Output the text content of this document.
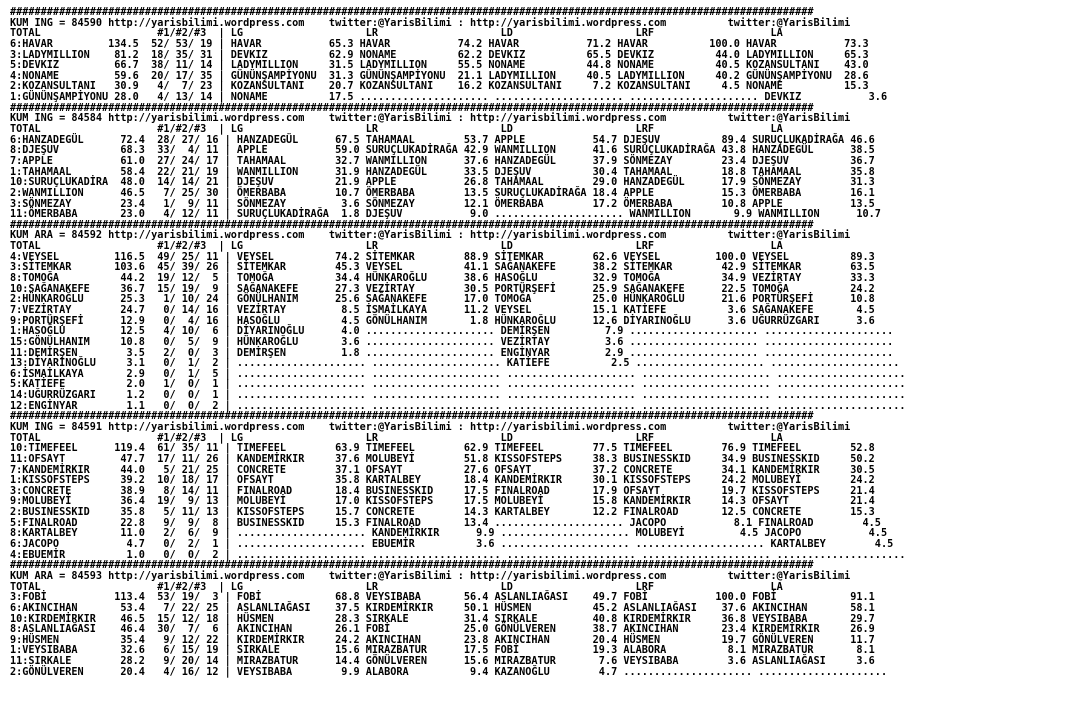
###################################################################################################################################
KUM ING = 84590 http://yarisbilimi.wordpress.com    twitter:@YarisBilimi : http://yarisbilimi.wordpress.com          twitter:@YarisBilimi
TOTAL                   #1/#2/#3  | LG                    LR                    LD                    LRF                   LA
6:HAVAR         134.5  52/ 53/ 19 | HAVAR           65.3 HAVAR           74.2 HAVAR           71.2 HAVAR          100.0 HAVAR           73.3
3:LADYMILLION    81.2  18/ 35/ 31 | DEVKIZ          62.9 NONAME          62.2 DEVKIZ          65.5 DEVKIZ          44.0 LADYMILLION     65.3
5:DEVKIZ         66.7  38/ 11/ 14 | LADYMILLION     31.5 LADYMILLION     55.5 NONAME          44.8 NONAME          40.5 KOZANSULTANI    43.0
4:NONAME         59.6  20/ 17/ 35 | GÜNÜNŞAMPİYONU  31.3 GÜNÜNŞAMPİYONU  21.1 LADYMILLION     40.5 LADYMILLION     40.2 GÜNÜNŞAMPİYONU  28.6
2:KOZANSULTANI   30.9   4/  7/ 23 | KOZANSULTANI    20.7 KOZANSULTANI    16.2 KOZANSULTANI     7.2 KOZANSULTANI     4.5 NONAME          15.3
1:GÜNÜNŞAMPİYONU 28.0   4/ 13/ 14 | NONAME          17.5 ..................... ..................... ..................... DEVKIZ           3.6
###################################################################################################################################
KUM ING = 84584 http://yarisbilimi.wordpress.com    twitter:@YarisBilimi : http://yarisbilimi.wordpress.com          twitter:@YarisBilimi
TOTAL                   #1/#2/#3  | LG                    LR                    LD                    LRF                   LA
6:HANZADEGÜL      72.4  28/ 27/ 16 | HANZADEGÜL      67.5 TAHAMAAL        53.7 APPLE           54.7 DJEŞUV          89.4 SURUÇLUKADİRAĞA 46.6
8:DJEŞUV          68.3  33/  4/ 11 | APPLE           59.0 SURUÇLUKADİRAĞA 42.9 WANMILLION      41.6 SURUÇLUKADİRAĞA 43.8 HANZADEGÜL      38.5
7:APPLE           61.0  27/ 24/ 17 | TAHAMAAL        32.7 WANMILLION      37.6 HANZADEGÜL      37.9 SÖNMEZAY        23.4 DJEŞUV          36.7
1:TAHAMAAL        58.4  22/ 21/ 19 | WANMILLION      31.9 HANZADEGÜL      33.5 DJEŞUV          30.4 TAHAMAAL        18.8 TAHAMAAL        35.8
10:SURUÇLUKADİRA  48.0  14/ 14/ 21 | DJEŞUV          21.9 APPLE           26.8 TAHAMAAL        29.0 HANZADEGÜL      17.9 SÖNMEZAY        31.3
2:WANMILLION      46.5   7/ 25/ 30 | ÖMERBABA        10.7 ÖMERBABA        13.5 SURUÇLUKADİRAĞA 18.4 APPLE           15.3 ÖMERBABA        16.1
3:SÖNMEZAY        23.4   1/  9/ 11 | SÖNMEZAY         3.6 SÖNMEZAY        12.1 ÖMERBABA        17.2 ÖMERBABA        10.8 APPLE           13.5
11:ÖMERBABA       23.0   4/ 12/ 11 | SURUÇLUKADİRAĞA  1.8 DJEŞUV           9.0 ..................... WANMILLION       9.9 WANMILLION      10.7
###################################################################################################################################
KUM ARA = 84592 http://yarisbilimi.wordpress.com    twitter:@YarisBilimi : http://yarisbilimi.wordpress.com          twitter:@YarisBilimi
TOTAL                   #1/#2/#3  | LG                    LR                    LD                    LRF                   LA
4:VEYSEL         116.5  49/ 25/ 11 | VEYSEL          74.2 SİTEMKAR        88.9 SİTEMKAR        62.6 VEYSEL         100.0 VEYSEL          89.3
3:SİTEMKAR       103.6  45/ 39/ 26 | SİTEMKAR        45.3 VEYSEL          41.1 SAĞANAKEFE      38.2 SİTEMKAR        42.9 SİTEMKAR        63.5
8:TOMOĞA          44.2  19/ 12/  5 | TOMOĞA          34.4 HÜNKAROĞLU      38.6 HASOĞLU         32.9 TOMOĞA          34.9 VEZİRTAY        33.3
10:SAĞANAKEFE     36.7  15/ 19/  9 | SAĞANAKEFE      27.3 VEZİRTAY        30.5 PORTÜRŞEFİ      25.9 SAĞANAKEFE      22.5 TOMOĞA          24.2
2:HÜNKAROĞLU      25.3   1/ 10/ 24 | GÖNÜLHANIM      25.6 SAĞANAKEFE      17.0 TOMOĞA          25.0 HÜNKAROĞLU      21.6 PORTÜRŞEFİ      10.8
7:VEZİRTAY        24.7   0/ 14/ 16 | VEZİRTAY         8.5 İSMAİLKAYA      11.2 VEYSEL          15.1 KATİEFE          3.6 SAĞANAKEFE       4.5
9:PORTÜRŞEFİ      12.9   0/  4/ 16 | HASOĞLU          4.5 GÖNÜLHANIM       1.8 HÜNKAROĞLU      12.6 DİYARINOĞLU      3.6 UĞURRÜZGARI      3.6
1:HASOĞLU         12.5   4/ 10/  6 | DİYARINOĞLU      4.0 ..................... DEMİRŞEN         7.9 ..................... .....................
15:GÖNÜLHANIM     10.8   0/  5/  9 | HÜNKAROĞLU       3.6 ..................... VEZİRTAY         3.6 ..................... .....................
11:DEMİRŞEN        3.5   2/  0/  3 | DEMİRŞEN         1.8 ..................... ENGİNYAR         2.9 ..................... .....................
13:DİYARINOĞLU     3.1   0/  1/  2 | ..................... ..................... KATİEFE          2.5 ..................... .....................
6:İSMAİLKAYA       2.9   0/  1/  5 | ..................... ..................... ..................... ..................... .....................
5:KATİEFE          2.0   1/  0/  1 | ..................... ..................... ..................... ..................... .....................
14:UĞURRÜZGARI     1.2   0/  0/  1 | ..................... ..................... ..................... ..................... .....................
12:ENGİNYAR        1.1   0/  0/  2 | ..................... ..................... ..................... ..................... .....................
###################################################################################################################################
KUM ING = 84591 http://yarisbilimi.wordpress.com    twitter:@YarisBilimi : http://yarisbilimi.wordpress.com          twitter:@YarisBilimi
TOTAL                   #1/#2/#3  | LG                    LR                    LD                    LRF                   LA
10:TIMEFEEL      119.4  61/ 35/ 11 | TIMEFEEL        63.9 TIMEFEEL        62.9 TIMEFEEL        77.5 TIMEFEEL        76.9 TIMEFEEL        52.8
11:OFSAYT         47.7  17/ 11/ 26 | KANDEMİRKIR     37.6 MOLUBEYİ        51.8 KISSOFSTEPS     38.3 BUSINESSKID     34.9 BUSINESSKID     50.2
7:KANDEMİRKIR     44.0   5/ 21/ 25 | CONCRETE        37.1 OFSAYT          27.6 OFSAYT          37.2 CONCRETE        34.1 KANDEMİRKIR     30.5
1:KISSOFSTEPS     39.2  10/ 18/ 17 | OFSAYT          35.8 KARTALBEY       18.4 KANDEMİRKIR     30.1 KISSOFSTEPS     24.2 MOLUBEYİ        24.2
3:CONCRETE        38.9   8/ 14/ 11 | FINALROAD       18.4 BUSINESSKID     17.5 FINALROAD       17.9 OFSAYT          19.7 KISSOFSTEPS     21.4
9:MOLUBEYİ        36.4  19/  9/ 13 | MOLUBEYİ        17.0 KISSOFSTEPS     17.5 MOLUBEYİ        15.8 KANDEMİRKIR     14.3 OFSAYT          21.4
2:BUSINESSKID     35.8   5/ 11/ 13 | KISSOFSTEPS     15.7 CONCRETE        14.3 KARTALBEY       12.2 FINALROAD       12.5 CONCRETE        15.3
5:FINALROAD       22.8   9/  9/  8 | BUSINESSKID     15.3 FINALROAD       13.4 ..................... JACOPO           8.1 FINALROAD        4.5
8:KARTALBEY       11.0   2/  6/  9 | ..................... KANDEMİRKIR      9.9 ..................... MOLUBEYİ         4.5 JACOPO           4.5
6:JACOPO           4.7   0/  2/  1 | ..................... EBUEMİR          3.6 ..................... ..................... KARTALBEY        4.5
4:EBUEMİR          1.0   0/  0/  2 | ..................... ..................... ..................... ..................... .....................
###################################################################################################################################
KUM ARA = 84593 http://yarisbilimi.wordpress.com    twitter:@YarisBilimi : http://yarisbilimi.wordpress.com          twitter:@YarisBilimi
TOTAL                   #1/#2/#3  | LG                    LR                    LD                    LRF                   LA
3:FOBİ           113.4  53/ 19/  3 | FOBİ            68.8 VEYSIBABA       56.4 ASLANLIAĞASI    49.7 FOBİ           100.0 FOBİ            91.1
6:AKINCIHAN       53.4   7/ 22/ 25 | ASLANLIAĞASI    37.5 KIRDEMİRKIR     50.1 HÜSMEN          45.2 ASLANLIAĞASI    37.6 AKINCIHAN       58.1
10:KIRDEMİRKIR    46.5  15/ 12/ 18 | HÜSMEN          28.3 SIRKALE         31.4 SIRKALE         40.8 KIRDEMİRKIR     36.8 VEYSIBABA       29.7
8:ASLANLIAĞASI    46.4  30/  7/  6 | AKINCIHAN       26.1 FOBİ            25.0 GÖNÜLVEREN      38.7 AKINCIHAN       23.4 KIRDEMİRKIR     26.9
9:HÜSMEN          35.4   9/ 12/ 22 | KIRDEMİRKIR     24.2 AKINCIHAN       23.8 AKINCIHAN       20.4 HÜSMEN          19.7 GÖNÜLVEREN      11.7
1:VEYSIBABA       32.6   6/ 15/ 19 | SIRKALE         15.6 MIRAZBATUR      17.5 FOBİ            19.3 ALABORA          8.1 MIRAZBATUR       8.1
11:SIRKALE        28.2   9/ 20/ 14 | MIRAZBATUR      14.4 GÖNÜLVEREN      15.6 MIRAZBATUR       7.6 VEYSIBABA        3.6 ASLANLIAĞASI     3.6
2:GÖNÜLVEREN      20.4   4/ 16/ 12 | VEYSIBABA        9.9 ALABORA          9.4 KAZANOĞLU        4.7 ..................... .....................
